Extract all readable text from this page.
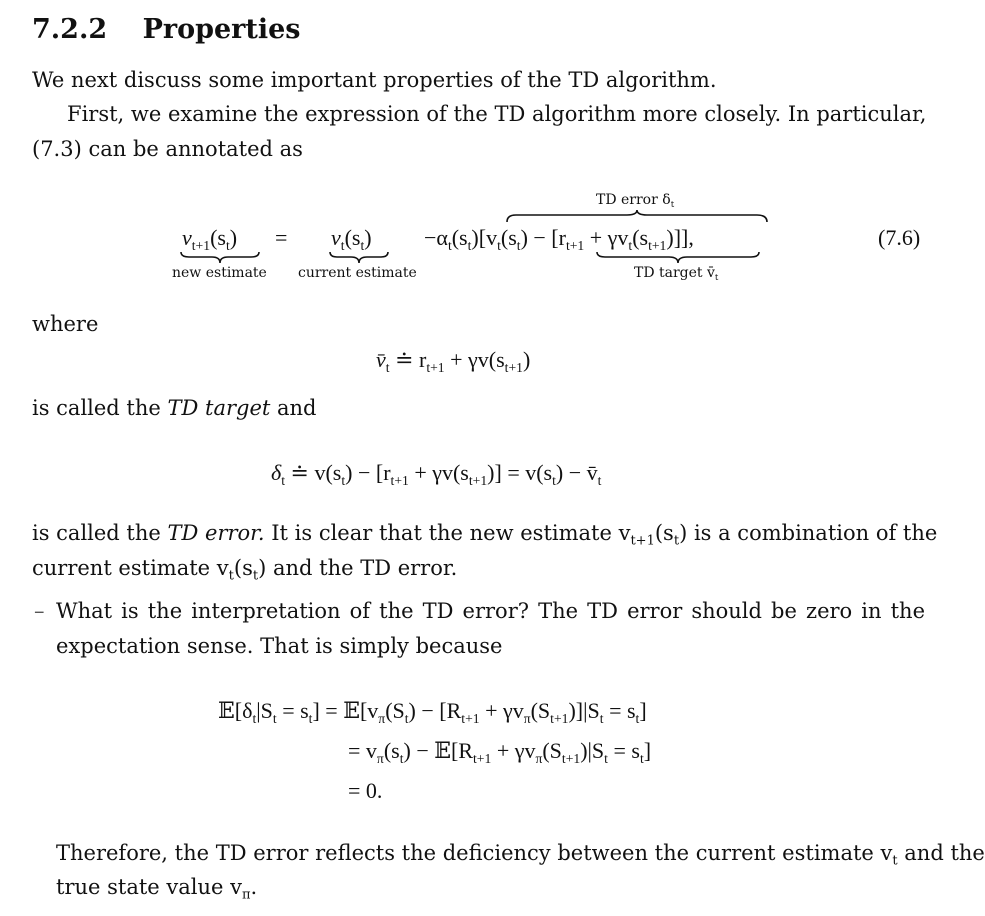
7.2.2 Properties
We next discuss some important properties of the TD algorithm.
First, we examine the expression of the TD algorithm more closely. In particular,
(7.3) can be annotated as
TD error $\delta_t$
$v_{t+1}(s_t) = v_t(s_t) -\alpha_t(s_t)[v_t(s_t) - [r_{t+1} + \gamma v_t(s_{t+1})]]$,	(7.6)
new estimate current estimate	TD target $v̄_t$
where
$v̄_t$ ≐ $r_{t+1} + \gamma v(s_{t+1})$
is called the TD target and
$\delta_t$ ≐ $v(s_t) - [r_{t+1} + \gamma v(s_{t+1})] = v(s_t)$ − $v̄_t$
is called the TD error. It is clear that the new estimate $v_{t+1}(s_t)$ is a combination of the
current estimate $v_t(s_t)$ and the TD error.
– What is the interpretation of the TD error? The TD error should be zero in the
expectation sense. That is simply because
$𝔼[\delta_t|S_t = s_t]$ = $𝔼[v_\pi(S_t) - [R_{t+1} + \gamma v_\pi(S_{t+1})]|S_t = s_t]$
= $v_\pi(s_t)$ − $𝔼[R_{t+1} + \gamma v_\pi(S_{t+1})|S_t = s_t]$
= 0.
Therefore, the TD error reflects the deficiency between the current estimate $v_t$ and the
true state value $v_\pi$.
